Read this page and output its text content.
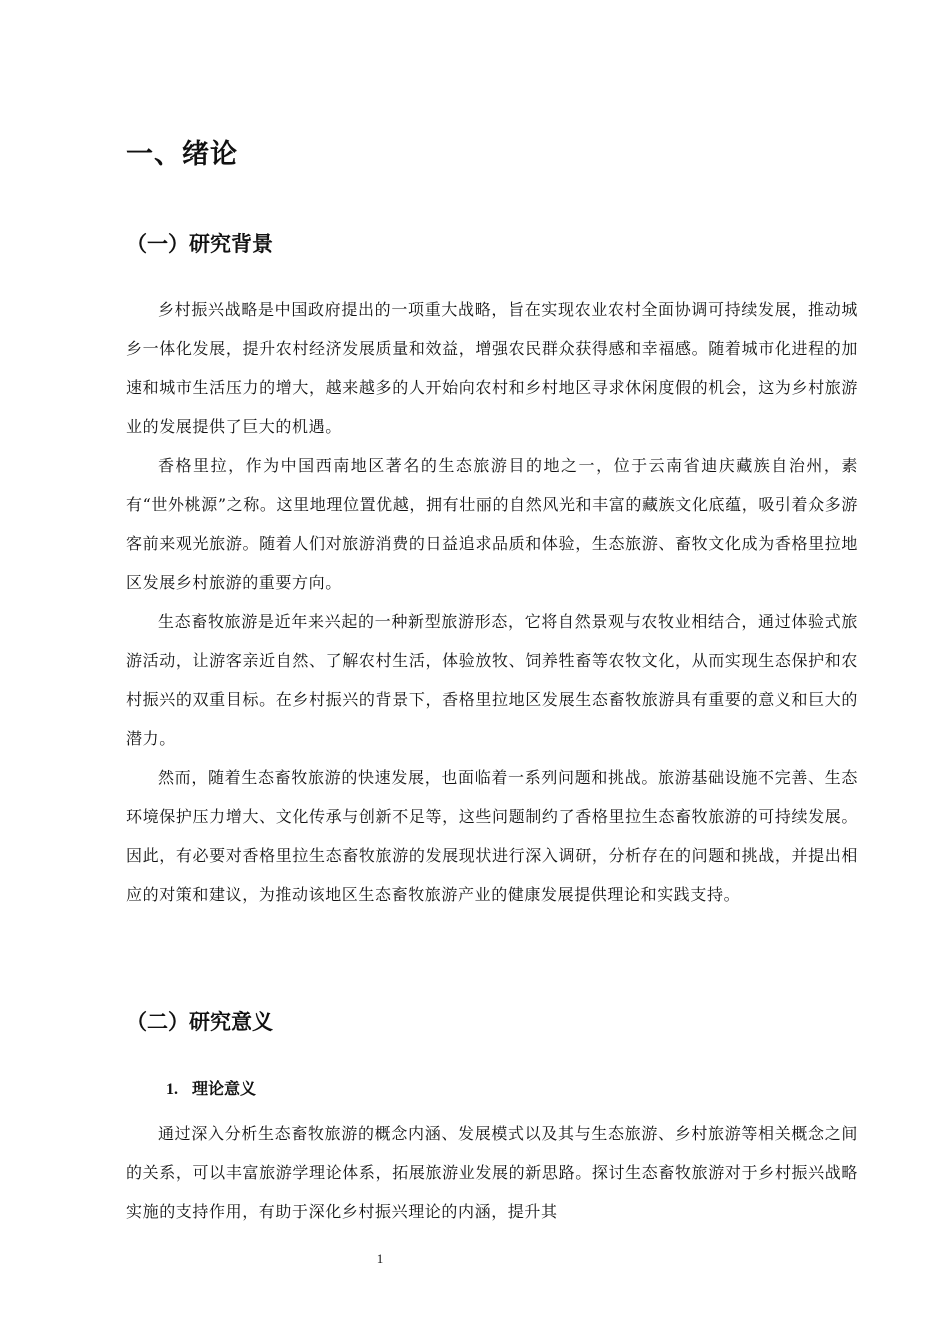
一、绪论
（一）研究背景

乡村振兴战略是中国政府提出的一项重大战略，旨在实现农业农村全面协调可持续发展，推动城乡一体化发展，提升农村经济发展质量和效益，增强农民群众获得感和幸福感。随着城市化进程的加速和城市生活压力的增大，越来越多的人开始向农村和乡村地区寻求休闲度假的机会，这为乡村旅游业的发展提供了巨大的机遇。

香格里拉，作为中国西南地区著名的生态旅游目的地之一，位于云南省迪庆藏族自治州，素有“世外桃源”之称。这里地理位置优越，拥有壮丽的自然风光和丰富的藏族文化底蕴，吸引着众多游客前来观光旅游。随着人们对旅游消费的日益追求品质和体验，生态旅游、畜牧文化成为香格里拉地区发展乡村旅游的重要方向。

生态畜牧旅游是近年来兴起的一种新型旅游形态，它将自然景观与农牧业相结合，通过体验式旅游活动，让游客亲近自然、了解农村生活，体验放牧、饲养牲畜等农牧文化，从而实现生态保护和农村振兴的双重目标。在乡村振兴的背景下，香格里拉地区发展生态畜牧旅游具有重要的意义和巨大的潜力。

然而，随着生态畜牧旅游的快速发展，也面临着一系列问题和挑战。旅游基础设施不完善、生态环境保护压力增大、文化传承与创新不足等，这些问题制约了香格里拉生态畜牧旅游的可持续发展。因此，有必要对香格里拉生态畜牧旅游的发展现状进行深入调研，分析存在的问题和挑战，并提出相应的对策和建议，为推动该地区生态畜牧旅游产业的健康发展提供理论和实践支持。

（二）研究意义
1. 理论意义

通过深入分析生态畜牧旅游的概念内涵、发展模式以及其与生态旅游、乡村旅游等相关概念之间的关系，可以丰富旅游学理论体系，拓展旅游业发展的新思路。探讨生态畜牧旅游对于乡村振兴战略实施的支持作用，有助于深化乡村振兴理论的内涵，提升其

1
